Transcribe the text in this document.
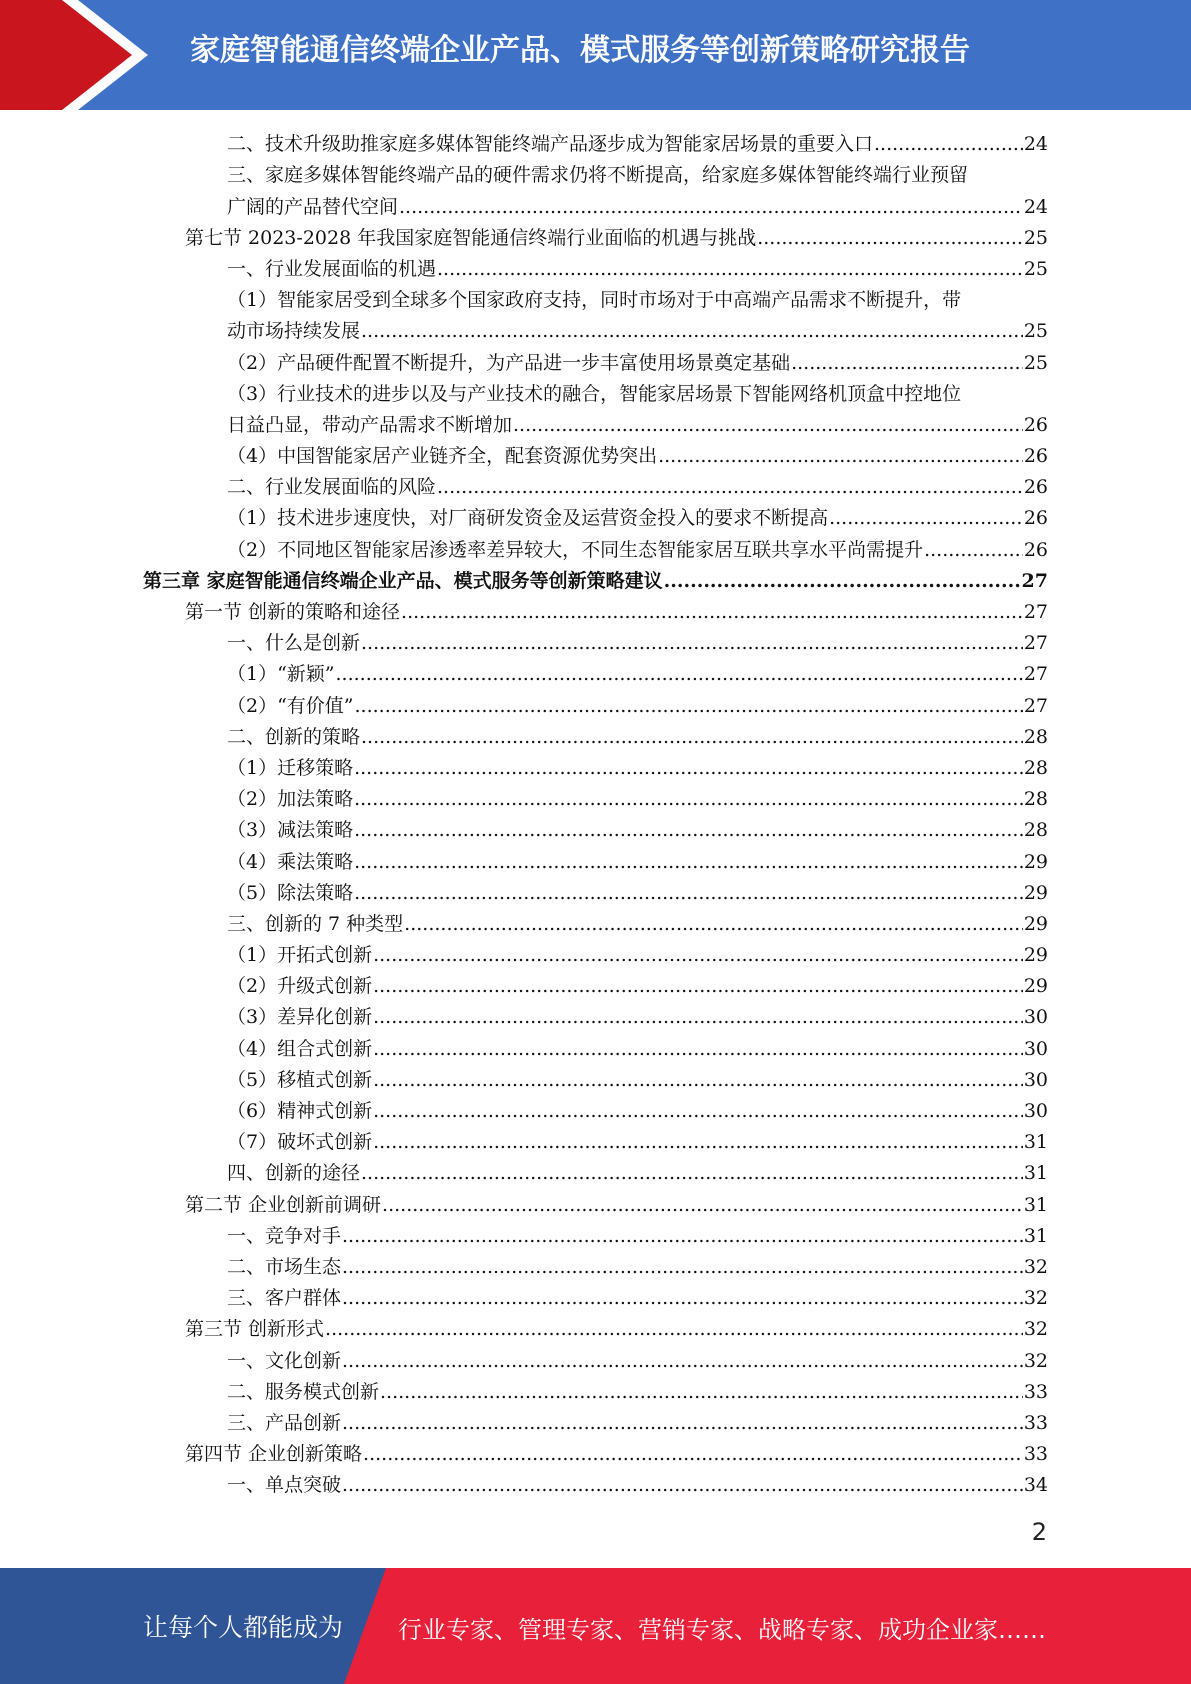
家庭智能通信终端企业产品、模式服务等创新策略研究报告
二、技术升级助推家庭多媒体智能终端产品逐步成为智能家居场景的重要入口 .....	24
三、家庭多媒体智能终端产品的硬件需求仍将不断提高，给家庭多媒体智能终端行业预留
广阔的产品替代空间 .....	24
第七节 2023-2028 年我国家庭智能通信终端行业面临的机遇与挑战 .....	25
一、行业发展面临的机遇 .....	25
（1）智能家居受到全球多个国家政府支持，同时市场对于中高端产品需求不断提升，带
动市场持续发展 .....	25
（2）产品硬件配置不断提升，为产品进一步丰富使用场景奠定基础 .....	25
（3）行业技术的进步以及与产业技术的融合，智能家居场景下智能网络机顶盒中控地位
日益凸显，带动产品需求不断增加 .....	26
（4）中国智能家居产业链齐全，配套资源优势突出 .....	26
二、行业发展面临的风险 .....	26
（1）技术进步速度快，对厂商研发资金及运营资金投入的要求不断提高 .....	26
（2）不同地区智能家居渗透率差异较大，不同生态智能家居互联共享水平尚需提升 .....	26
第三章 家庭智能通信终端企业产品、模式服务等创新策略建议 .....	27
第一节 创新的策略和途径 .....	27
一、什么是创新 .....	27
（1）“新颖” .....	27
（2）“有价值” .....	27
二、创新的策略 .....	28
（1）迁移策略 .....	28
（2）加法策略 .....	28
（3）减法策略 .....	28
（4）乘法策略 .....	29
（5）除法策略 .....	29
三、创新的 7 种类型 .....	29
（1）开拓式创新 .....	29
（2）升级式创新 .....	29
（3）差异化创新 .....	30
（4）组合式创新 .....	30
（5）移植式创新 .....	30
（6）精神式创新 .....	30
（7）破坏式创新 .....	31
四、创新的途径 .....	31
第二节 企业创新前调研 .....	31
一、竞争对手 .....	31
二、市场生态 .....	32
三、客户群体 .....	32
第三节 创新形式 .....	32
一、文化创新 .....	32
二、服务模式创新 .....	33
三、产品创新 .....	33
第四节 企业创新策略 .....	33
一、单点突破 .....	34
2
让每个人都能成为 行业专家、管理专家、营销专家、战略专家、成功企业家……
